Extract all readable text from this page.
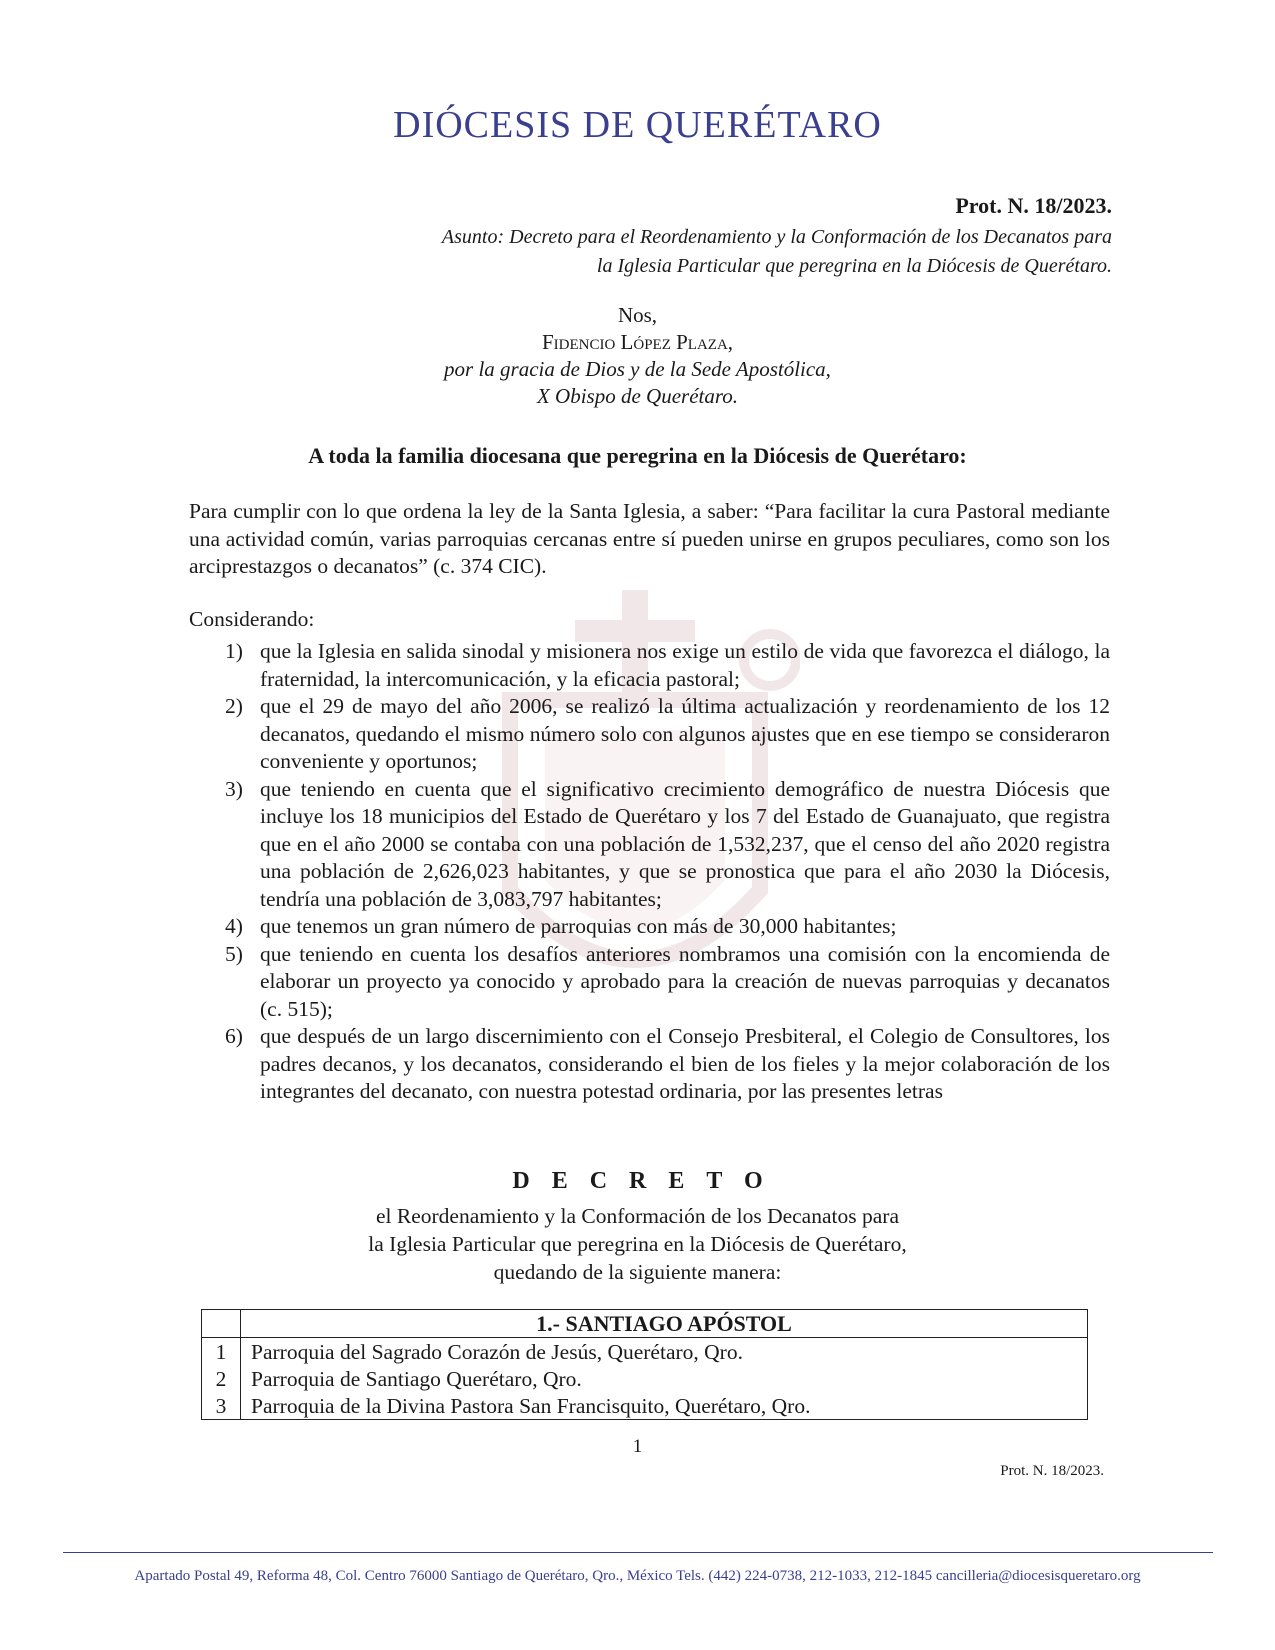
DIÓCESIS DE QUERÉTARO
Prot. N. 18/2023.
Asunto: Decreto para el Reordenamiento y la Conformación de los Decanatos para
la Iglesia Particular que peregrina en la Diócesis de Querétaro.
Nos,
Fidencio López Plaza,
por la gracia de Dios y de la Sede Apostólica,
X Obispo de Querétaro.
A toda la familia diocesana que peregrina en la Diócesis de Querétaro:
Para cumplir con lo que ordena la ley de la Santa Iglesia, a saber: “Para facilitar la cura Pastoral mediante una actividad común, varias parroquias cercanas entre sí pueden unirse en grupos peculiares, como son los arciprestazgos o decanatos” (c. 374 CIC).
Considerando:
1) que la Iglesia en salida sinodal y misionera nos exige un estilo de vida que favorezca el diálogo, la fraternidad, la intercomunicación, y la eficacia pastoral;
2) que el 29 de mayo del año 2006, se realizó la última actualización y reordenamiento de los 12 decanatos, quedando el mismo número solo con algunos ajustes que en ese tiempo se consideraron conveniente y oportunos;
3) que teniendo en cuenta que el significativo crecimiento demográfico de nuestra Diócesis que incluye los 18 municipios del Estado de Querétaro y los 7 del Estado de Guanajuato, que registra que en el año 2000 se contaba con una población de 1,532,237, que el censo del año 2020 registra una población de 2,626,023 habitantes, y que se pronostica que para el año 2030 la Diócesis, tendría una población de 3,083,797 habitantes;
4) que tenemos un gran número de parroquias con más de 30,000 habitantes;
5) que teniendo en cuenta los desafíos anteriores nombramos una comisión con la encomienda de elaborar un proyecto ya conocido y aprobado para la creación de nuevas parroquias y decanatos (c. 515);
6) que después de un largo discernimiento con el Consejo Presbiteral, el Colegio de Consultores, los padres decanos, y los decanatos, considerando el bien de los fieles y la mejor colaboración de los integrantes del decanato, con nuestra potestad ordinaria, por las presentes letras
DECRETO
el Reordenamiento y la Conformación de los Decanatos para
la Iglesia Particular que peregrina en la Diócesis de Querétaro,
quedando de la siguiente manera:
	1.- SANTIAGO APÓSTOL
1	Parroquia del Sagrado Corazón de Jesús, Querétaro, Qro.
2	Parroquia de Santiago Querétaro, Qro.
3	Parroquia de la Divina Pastora San Francisquito, Querétaro, Qro.
1
Prot. N. 18/2023.
Apartado Postal 49, Reforma 48, Col. Centro 76000 Santiago de Querétaro, Qro., México Tels. (442) 224-0738, 212-1033, 212-1845 cancilleria@diocesisqueretaro.org
